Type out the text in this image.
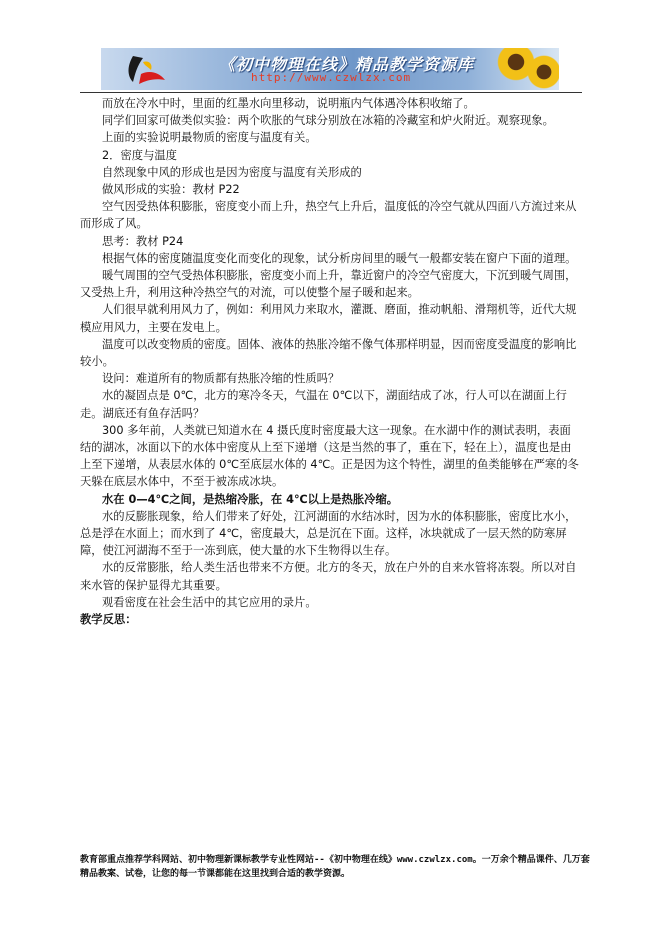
《初中物理在线》精品教学资源库
http://www.czwlzx.com

而放在冷水中时，里面的红墨水向里移动，说明瓶内气体遇冷体积收缩了。

同学们回家可做类似实验：两个吹胀的气球分别放在冰箱的冷藏室和炉火附近。观察现象。

上面的实验说明最物质的密度与温度有关。

2．密度与温度

自然现象中风的形成也是因为密度与温度有关形成的

做风形成的实验：教材 P22

空气因受热体积膨胀，密度变小而上升，热空气上升后，温度低的冷空气就从四面八方流过来从而形成了风。

思考：教材 P24

根据气体的密度随温度变化而变化的现象，试分析房间里的暖气一般都安装在窗户下面的道理。

暖气周围的空气受热体积膨胀，密度变小而上升，靠近窗户的冷空气密度大，下沉到暖气周围，又受热上升，利用这种冷热空气的对流，可以使整个屋子暖和起来。

人们很早就利用风力了，例如：利用风力来取水，灌溉、磨面，推动帆船、滑翔机等，近代大规模应用风力，主要在发电上。

温度可以改变物质的密度。固体、液体的热胀冷缩不像气体那样明显，因而密度受温度的影响比较小。

设问：难道所有的物质都有热胀冷缩的性质吗？

水的凝固点是 0℃，北方的寒冷冬天，气温在 0℃以下，湖面结成了冰，行人可以在湖面上行走。湖底还有鱼存活吗？

300 多年前，人类就已知道水在 4 摄氏度时密度最大这一现象。在水湖中作的测试表明，表面结的湖冰，冰面以下的水体中密度从上至下递增（这是当然的事了，重在下，轻在上），温度也是由上至下递增，从表层水体的 0℃至底层水体的 4℃。正是因为这个特性，湖里的鱼类能够在严寒的冬天躲在底层水体中，不至于被冻成冰块。

水在 0—4℃之间，是热缩冷胀，在 4℃以上是热胀冷缩。

水的反膨胀现象，给人们带来了好处，江河湖面的水结冰时，因为水的体积膨胀，密度比水小，总是浮在水面上；而水到了 4℃，密度最大，总是沉在下面。这样，冰块就成了一层天然的防寒屏障，使江河湖海不至于一冻到底，使大量的水下生物得以生存。

水的反常膨胀，给人类生活也带来不方便。北方的冬天，放在户外的自来水管将冻裂。所以对自来水管的保护显得尤其重要。

观看密度在社会生活中的其它应用的录片。

教学反思：

教育部重点推荐学科网站、初中物理新课标教学专业性网站--《初中物理在线》www.czwlzx.com。一万余个精品课件、几万套精品教案、试卷，让您的每一节课都能在这里找到合适的教学资源。
